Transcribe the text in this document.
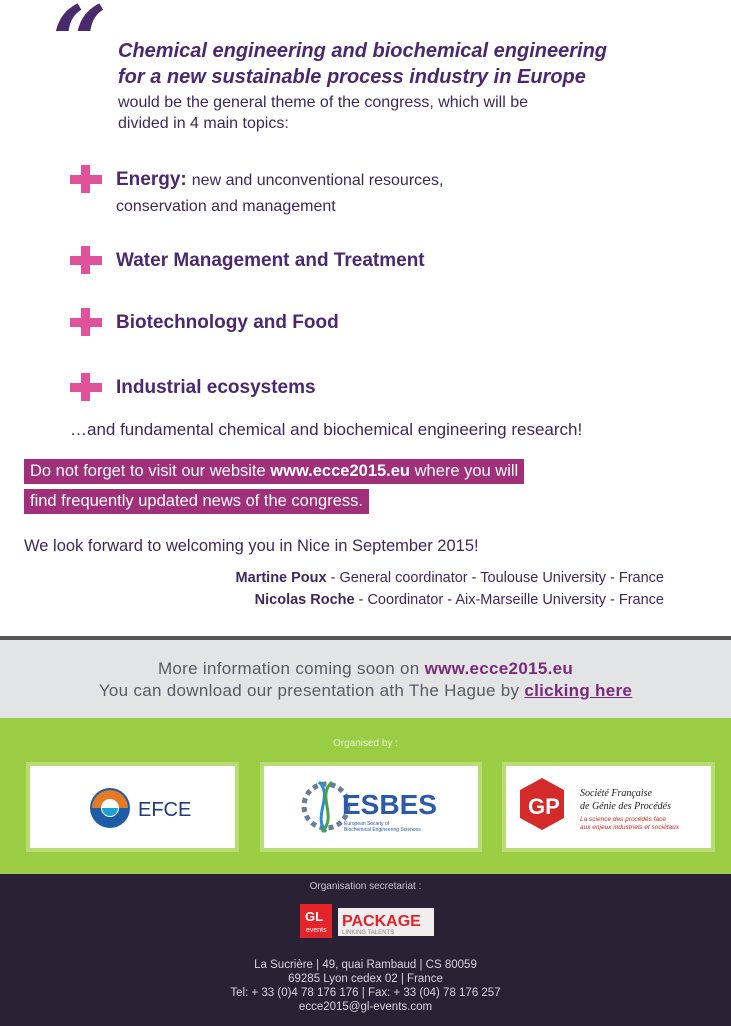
“ Chemical engineering and biochemical engineering
for a new sustainable process industry in Europe

would be the general theme of the congress, which will be
divided in 4 main topics:

Energy: new and unconventional resources,
conservation and management
Water Management and Treatment
Biotechnology and Food
Industrial ecosystems
…and fundamental chemical and biochemical engineering research!
Do not forget to visit our website www.ecce2015.eu where you will
find frequently updated news of the congress.
We look forward to welcoming you in Nice in September 2015!
Martine Poux - General coordinator - Toulouse University - France
Nicolas Roche - Coordinator - Aix-Marseille University - France
More information coming soon on www.ecce2015.eu
You can download our presentation ath The Hague by clicking here
Organised by :
EFCE	ESBES
European Society of
Biochemical Engineering Sciences
GP
Société Française
de Génie des Procédés
La science des procédés face
aux enjeux industriels et sociétaux
Organisation secretariat :
GL
events
PACKAGE
LINKING TALENTS
La Sucrière | 49, quai Rambaud | CS 80059
69285 Lyon cedex 02 | France
Tel: + 33 (0)4 78 176 176 | Fax: + 33 (04) 78 176 257
ecce2015@gl-events.com
